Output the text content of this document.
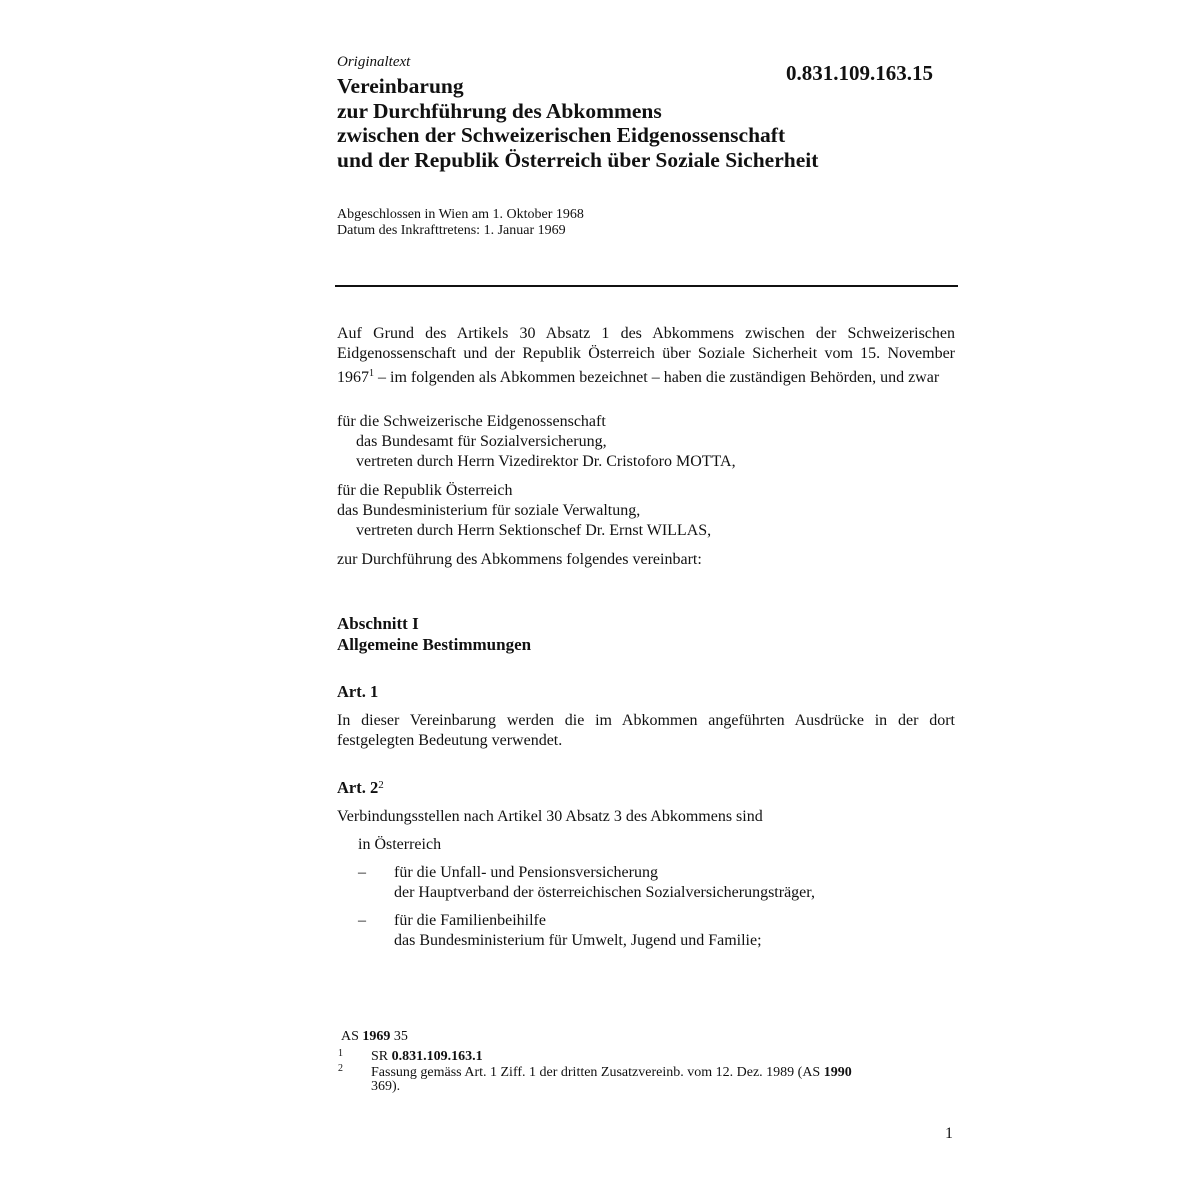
Originaltext	0.831.109.163.15
Vereinbarung
zur Durchführung des Abkommens
zwischen der Schweizerischen Eidgenossenschaft
und der Republik Österreich über Soziale Sicherheit
Abgeschlossen in Wien am 1. Oktober 1968
Datum des Inkrafttretens: 1. Januar 1969
Auf Grund des Artikels 30 Absatz 1 des Abkommens zwischen der Schweizerischen Eidgenossenschaft und der Republik Österreich über Soziale Sicherheit vom 15. November 1967$^1$ – im folgenden als Abkommen bezeichnet – haben die zuständigen Behörden, und zwar
für die Schweizerische Eidgenossenschaft
das Bundesamt für Sozialversicherung,
vertreten durch Herrn Vizedirektor Dr. Cristoforo MOTTA,
für die Republik Österreich
das Bundesministerium für soziale Verwaltung,
vertreten durch Herrn Sektionschef Dr. Ernst WILLAS,
zur Durchführung des Abkommens folgendes vereinbart:
Abschnitt I
Allgemeine Bestimmungen
Art. 1
In dieser Vereinbarung werden die im Abkommen angeführten Ausdrücke in der dort festgelegten Bedeutung verwendet.
Art. $2^2$
Verbindungsstellen nach Artikel 30 Absatz 3 des Abkommens sind
in Österreich
– für die Unfall- und Pensionsversicherung
der Hauptverband der österreichischen Sozialversicherungsträger,
– für die Familienbeihilfe
das Bundesministerium für Umwelt, Jugend und Familie;
AS 1969 35
1 SR 0.831.109.163.1
2 Fassung gemäss Art. 1 Ziff. 1 der dritten Zusatzvereinb. vom 12. Dez. 1989 (AS 1990
369).
1
